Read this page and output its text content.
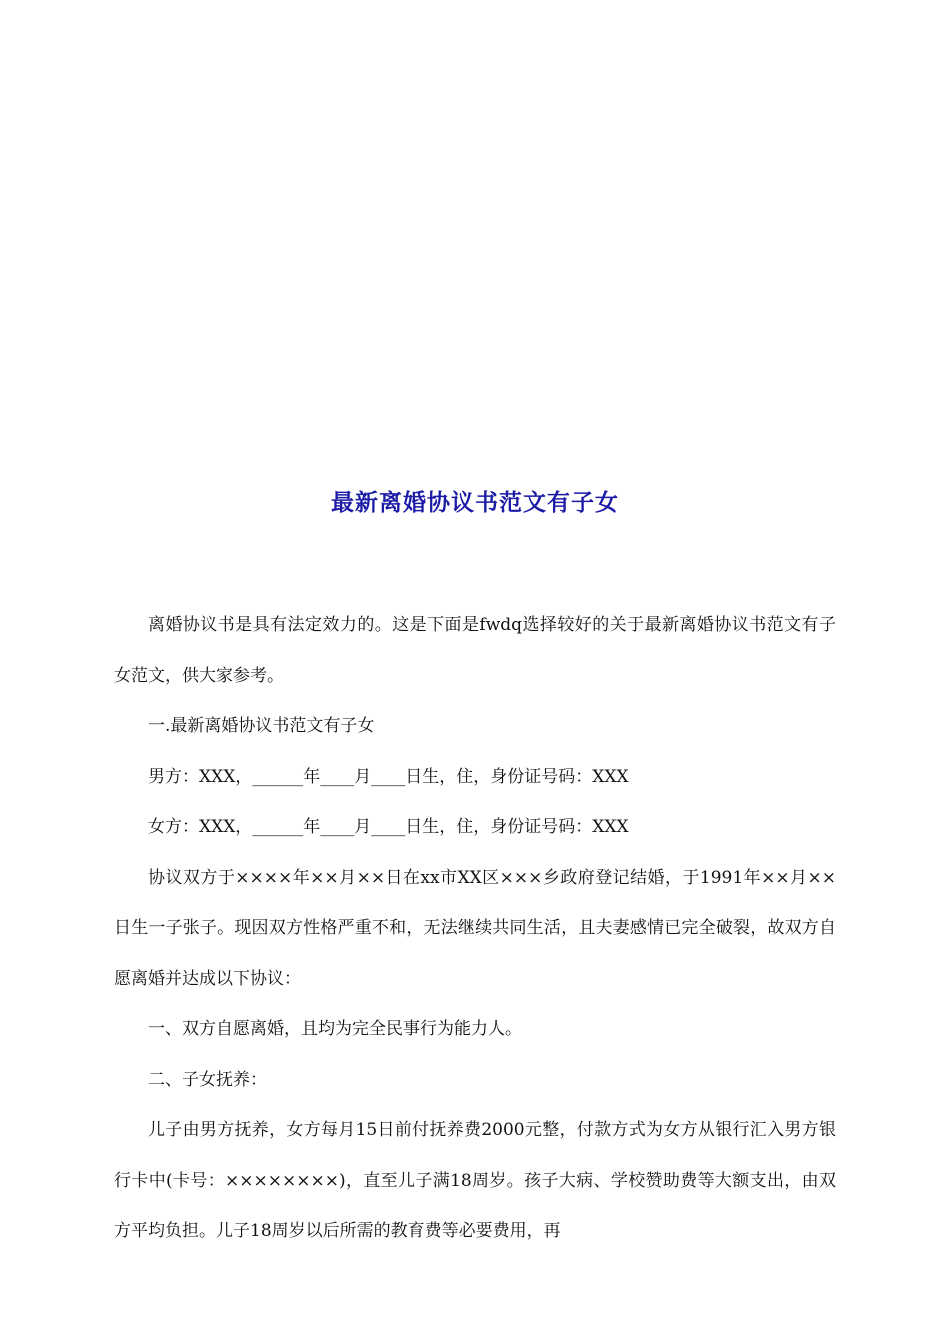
最新离婚协议书范文有子女

离婚协议书是具有法定效力的。这是下面是fwdq选择较好的关于最新离婚协议书范文有子女范文，供大家参考。

一.最新离婚协议书范文有子女

男方：XXX，______年____月____日生，住，身份证号码：XXX

女方：XXX，______年____月____日生，住，身份证号码：XXX

协议双方于××××年××月××日在xx市XX区×××乡政府登记结婚，于1991年××月××日生一子张子。现因双方性格严重不和，无法继续共同生活，且夫妻感情已完全破裂，故双方自愿离婚并达成以下协议：

一、双方自愿离婚，且均为完全民事行为能力人。

二、子女抚养：

儿子由男方抚养，女方每月15日前付抚养费2000元整，付款方式为女方从银行汇入男方银行卡中(卡号：××××××××)，直至儿子满18周岁。孩子大病、学校赞助费等大额支出，由双方平均负担。儿子18周岁以后所需的教育费等必要费用，再
